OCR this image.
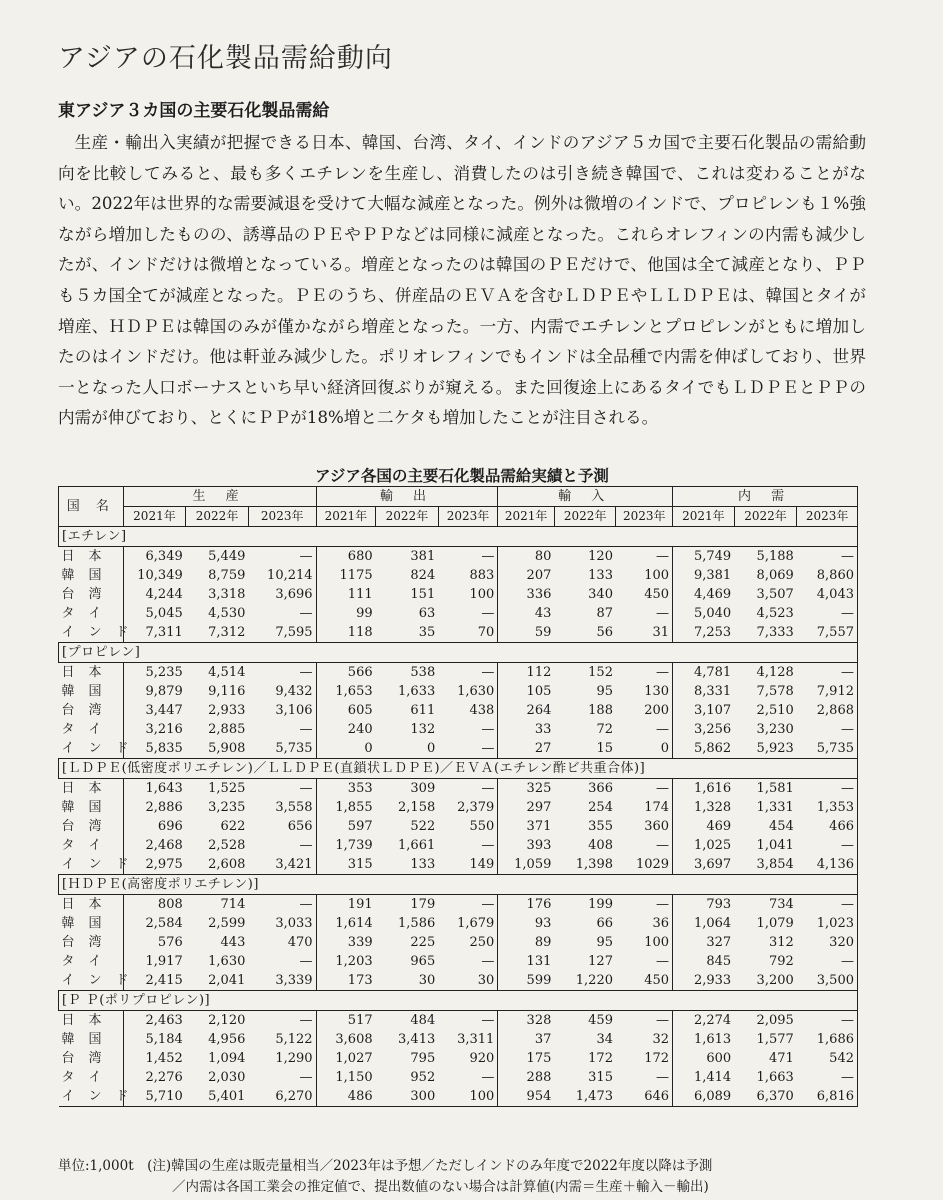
アジアの石化製品需給動向
東アジア３カ国の主要石化製品需給

生産・輸出入実績が把握できる日本、韓国、台湾、タイ、インドのアジア５カ国で主要石化製品の需給動向を比較してみると、最も多くエチレンを生産し、消費したのは引き続き韓国で、これは変わることがない。2022年は世界的な需要減退を受けて大幅な減産となった。例外は微増のインドで、プロピレンも１%強ながら増加したものの、誘導品のＰＥやＰＰなどは同様に減産となった。これらオレフィンの内需も減少したが、インドだけは微増となっている。増産となったのは韓国のＰＥだけで、他国は全て減産となり、ＰＰも５カ国全てが減産となった。ＰＥのうち、併産品のＥＶＡを含むＬＤＰＥやＬＬＤＰＥは、韓国とタイが増産、ＨＤＰＥは韓国のみが僅かながら増産となった。一方、内需でエチレンとプロピレンがともに増加したのはインドだけ。他は軒並み減少した。ポリオレフィンでもインドは全品種で内需を伸ばしており、世界一となった人口ボーナスといち早い経済回復ぶりが窺える。また回復途上にあるタイでもＬＤＰＥとＰＰの内需が伸びており、とくにＰＰが18%増と二ケタも増加したことが注目される。

アジア各国の主要石化製品需給実績と予測
国 名	生 産			輸 出			輸 入			内 需		
	2021年	2022年	2023年	2021年	2022年	2023年	2021年	2022年	2023年	2021年	2022年	2023年
[エチレン]												
日本	6,349	5,449	—	680	381	—	80	120	—	5,749	5,188	—
韓国	10,349	8,759	10,214	1175	824	883	207	133	100	9,381	8,069	8,860
台湾	4,244	3,318	3,696	111	151	100	336	340	450	4,469	3,507	4,043
タイ	5,045	4,530	—	99	63	—	43	87	—	5,040	4,523	—
インド	7,311	7,312	7,595	118	35	70	59	56	31	7,253	7,333	7,557
[プロピレン]												
日本	5,235	4,514	—	566	538	—	112	152	—	4,781	4,128	—
韓国	9,879	9,116	9,432	1,653	1,633	1,630	105	95	130	8,331	7,578	7,912
台湾	3,447	2,933	3,106	605	611	438	264	188	200	3,107	2,510	2,868
タイ	3,216	2,885	—	240	132	—	33	72	—	3,256	3,230	—
インド	5,835	5,908	5,735	0	0	—	27	15	0	5,862	5,923	5,735
[ＬＤＰＥ(低密度ポリエチレン)／ＬＬＤＰＥ(直鎖状ＬＤＰＥ)／ＥＶＡ(エチレン酢ビ共重合体)]												
日本	1,643	1,525	—	353	309	—	325	366	—	1,616	1,581	—
韓国	2,886	3,235	3,558	1,855	2,158	2,379	297	254	174	1,328	1,331	1,353
台湾	696	622	656	597	522	550	371	355	360	469	454	466
タイ	2,468	2,528	—	1,739	1,661	—	393	408	—	1,025	1,041	—
インド	2,975	2,608	3,421	315	133	149	1,059	1,398	1029	3,697	3,854	4,136
[ＨＤＰＥ(高密度ポリエチレン)]												
日本	808	714	—	191	179	—	176	199	—	793	734	—
韓国	2,584	2,599	3,033	1,614	1,586	1,679	93	66	36	1,064	1,079	1,023
台湾	576	443	470	339	225	250	89	95	100	327	312	320
タイ	1,917	1,630	—	1,203	965	—	131	127	—	845	792	—
インド	2,415	2,041	3,339	173	30	30	599	1,220	450	2,933	3,200	3,500
[Ｐ Ｐ(ポリプロピレン)]												
日本	2,463	2,120	—	517	484	—	328	459	—	2,274	2,095	—
韓国	5,184	4,956	5,122	3,608	3,413	3,311	37	34	32	1,613	1,577	1,686
台湾	1,452	1,094	1,290	1,027	795	920	175	172	172	600	471	542
タイ	2,276	2,030	—	1,150	952	—	288	315	—	1,414	1,663	—
インド	5,710	5,401	6,270	486	300	100	954	1,473	646	6,089	6,370	6,816
単位:1,000t　(注)韓国の生産は販売量相当／2023年は予想／ただしインドのみ年度で2022年度以降は予測
／内需は各国工業会の推定値で、提出数値のない場合は計算値(内需＝生産＋輸入－輸出)
